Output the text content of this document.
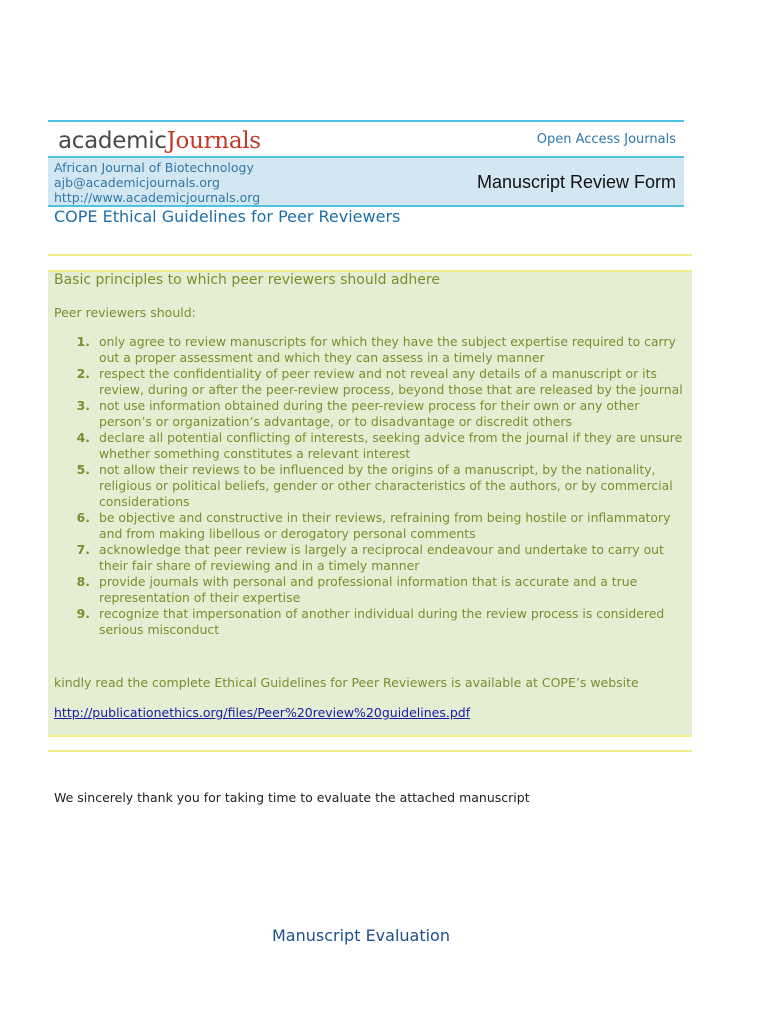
academicJournals	Open Access Journals
African Journal of Biotechnology
ajb@academicjournals.org
http://www.academicjournals.org
Manuscript Review Form
COPE Ethical Guidelines for Peer Reviewers
Basic principles to which peer reviewers should adhere
Peer reviewers should:
1. only agree to review manuscripts for which they have the subject expertise required to carry out a proper assessment and which they can assess in a timely manner
2. respect the confidentiality of peer review and not reveal any details of a manuscript or its review, during or after the peer-review process, beyond those that are released by the journal
3. not use information obtained during the peer-review process for their own or any other person’s or organization’s advantage, or to disadvantage or discredit others
4. declare all potential conflicting of interests, seeking advice from the journal if they are unsure whether something constitutes a relevant interest
5. not allow their reviews to be influenced by the origins of a manuscript, by the nationality, religious or political beliefs, gender or other characteristics of the authors, or by commercial considerations
6. be objective and constructive in their reviews, refraining from being hostile or inflammatory and from making libellous or derogatory personal comments
7. acknowledge that peer review is largely a reciprocal endeavour and undertake to carry out their fair share of reviewing and in a timely manner
8. provide journals with personal and professional information that is accurate and a true representation of their expertise
9. recognize that impersonation of another individual during the review process is considered serious misconduct
kindly read the complete Ethical Guidelines for Peer Reviewers is available at COPE’s website
http://publicationethics.org/files/Peer%20review%20guidelines.pdf
We sincerely thank you for taking time to evaluate the attached manuscript
Manuscript Evaluation
